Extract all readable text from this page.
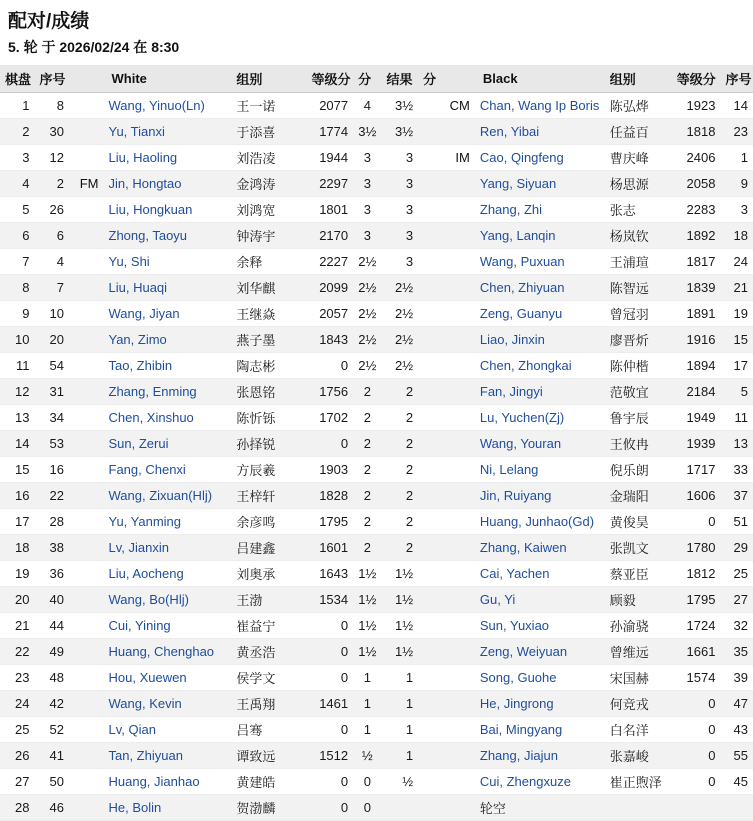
配对/成绩
5. 轮 于 2026/02/24 在 8:30
棋盘	序号		White	组别	等级分	分	结果	分		Black	组别	等级分	序号
1	8		Wang, Yinuo(Ln)	王一诺	2077	4	3½		CM	Chan, Wang Ip Boris	陈弘烨	1923	14
2	30		Yu, Tianxi	于添喜	1774	3½	3½			Ren, Yibai	任益百	1818	23
3	12		Liu, Haoling	刘浩凌	1944	3	3		IM	Cao, Qingfeng	曹庆峰	2406	1
4	2	FM	Jin, Hongtao	金鸿涛	2297	3	3			Yang, Siyuan	杨思源	2058	9
5	26		Liu, Hongkuan	刘鸿宽	1801	3	3			Zhang, Zhi	张志	2283	3
6	6		Zhong, Taoyu	钟涛宇	2170	3	3			Yang, Lanqin	杨岚钦	1892	18
7	4		Yu, Shi	余释	2227	2½	3			Wang, Puxuan	王浦瑄	1817	24
8	7		Liu, Huaqi	刘华麒	2099	2½	2½			Chen, Zhiyuan	陈智远	1839	21
9	10		Wang, Jiyan	王继焱	2057	2½	2½			Zeng, Guanyu	曾冠羽	1891	19
10	20		Yan, Zimo	燕子墨	1843	2½	2½			Liao, Jinxin	廖晋炘	1916	15
11	54		Tao, Zhibin	陶志彬	0	2½	2½			Chen, Zhongkai	陈仲楷	1894	17
12	31		Zhang, Enming	张恩铭	1756	2	2			Fan, Jingyi	范敬宜	2184	5
13	34		Chen, Xinshuo	陈忻铄	1702	2	2			Lu, Yuchen(Zj)	鲁宇辰	1949	11
14	53		Sun, Zerui	孙择锐	0	2	2			Wang, Youran	王攸冉	1939	13
15	16		Fang, Chenxi	方辰羲	1903	2	2			Ni, Lelang	倪乐朗	1717	33
16	22		Wang, Zixuan(Hlj)	王梓轩	1828	2	2			Jin, Ruiyang	金瑞阳	1606	37
17	28		Yu, Yanming	余彦鸣	1795	2	2			Huang, Junhao(Gd)	黄俊昊	0	51
18	38		Lv, Jianxin	吕建鑫	1601	2	2			Zhang, Kaiwen	张凯文	1780	29
19	36		Liu, Aocheng	刘奥承	1643	1½	1½			Cai, Yachen	蔡亚臣	1812	25
20	40		Wang, Bo(Hlj)	王渤	1534	1½	1½			Gu, Yi	顾毅	1795	27
21	44		Cui, Yining	崔益宁	0	1½	1½			Sun, Yuxiao	孙渝骁	1724	32
22	49		Huang, Chenghao	黄丞浩	0	1½	1½			Zeng, Weiyuan	曾维远	1661	35
23	48		Hou, Xuewen	侯学文	0	1	1			Song, Guohe	宋国赫	1574	39
24	42		Wang, Kevin	王禹翔	1461	1	1			He, Jingrong	何竞戎	0	47
25	52		Lv, Qian	吕骞	0	1	1			Bai, Mingyang	白名洋	0	43
26	41		Tan, Zhiyuan	谭致远	1512	½	1			Zhang, Jiajun	张嘉峻	0	55
27	50		Huang, Jianhao	黄建皓	0	0	½			Cui, Zhengxuze	崔正煦泽	0	45
28	46		He, Bolin	贺渤麟	0	0				轮空			
